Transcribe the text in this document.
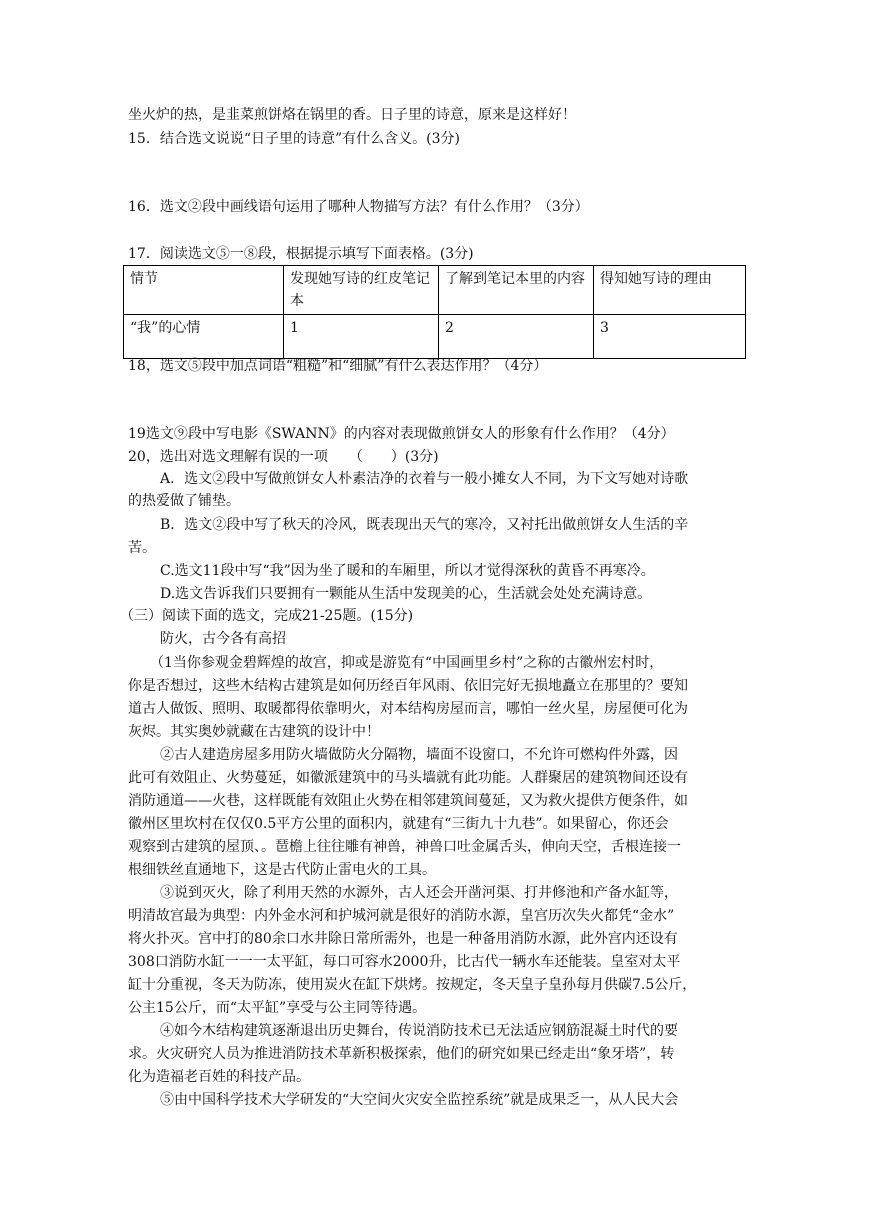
坐火炉的热，是韭菜煎饼烙在锅里的香。日子里的诗意，原来是这样好！

15．结合选文说说“日子里的诗意”有什么含义。(3分)

16．选文②段中画线语句运用了哪种人物描写方法？有什么作用？（3分）

17．阅读选文⑤一⑧段，根据提示填写下面表格。(3分)

情节	发现她写诗的红皮笔记本	了解到笔记本里的内容	得知她写诗的理由
“我”的心情	1	2	3

18，选文⑤段中加点词语“粗糙”和“细腻”有什么表达作用？（4分）

19选文⑨段中写电影《SWANN》的内容对表现做煎饼女人的形象有什么作用？（4分）

20，选出对选文理解有误的一项　　（　　）(3分)

A．选文②段中写做煎饼女人朴素洁净的衣着与一般小摊女人不同，为下文写她对诗歌

的热爱做了铺垫。

B．选文②段中写了秋天的冷风，既表现出天气的寒冷，又衬托出做煎饼女人生活的辛

苦。

C.选文11段中写“我”因为坐了暖和的车厢里，所以才觉得深秋的黄昏不再寒冷。

D.选文告诉我们只要拥有一颗能从生活中发现美的心，生活就会处处充满诗意。

（三）阅读下面的选文，完成21-25题。(15分)

防火，古今各有高招

（1当你参观金碧辉煌的故宫，抑或是游览有“中国画里乡村”之称的古徽州宏村时，

你是否想过，这些木结构古建筑是如何历经百年风雨、依旧完好无损地矗立在那里的？要知

道古人做饭、照明、取暖都得依靠明火，对本结构房屋而言，哪怕一丝火星，房屋便可化为

灰烬。其实奥妙就藏在古建筑的设计中！

②古人建造房屋多用防火墙做防火分隔物，墙面不设窗口，不允许可燃构件外露，因

此可有效阻止、火势蔓延，如徽派建筑中的马头墙就有此功能。人群聚居的建筑物间还设有

消防通道——火巷，这样既能有效阻止火势在相邻建筑间蔓延，又为救火提供方便条件，如

徽州区里坎村在仅仅0.5平方公里的面积内，就建有“三街九十九巷”。如果留心，你还会

观察到古建筑的屋顶、。琶檐上往往雕有神兽，神兽口吐金属舌头，伸向天空，舌根连接一

根细铁丝直通地下，这是古代防止雷电火的工具。

③说到灭火，除了利用天然的水源外，古人还会开凿河渠、打井修池和产备水缸等，

明清故宫最为典型：内外金水河和护城河就是很好的消防水源，皇宫历次失火都凭“金水”

将火扑灭。宫中打的80余口水井除日常所需外，也是一种备用消防水源，此外宫内还设有

308口消防水缸一一一太平缸，每口可容水2000升，比古代一辆水车还能装。皇室对太平

缸十分重视，冬天为防冻，使用炭火在缸下烘烤。按规定，冬天皇子皇孙每月供碳7.5公斤，

公主15公斤，而“太平缸”享受与公主同等待遇。

④如今木结构建筑逐渐退出历史舞台，传说消防技术已无法适应钢筋混凝土时代的要

求。火灾研究人员为推进消防技术革新积极探索，他们的研究如果已经走出“象牙塔”，转

化为造福老百姓的科技产品。

⑤由中国科学技术大学研发的“大空间火灾安全监控系统”就是成果乏一，从人民大会
